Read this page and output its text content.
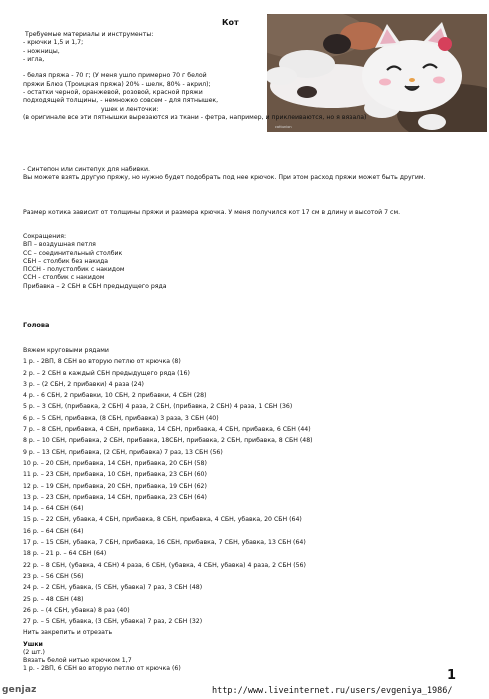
Кот
cattunion
Требуемые материалы и инструменты:
- крючки 1,5 и 1,7;
- ножницы,
- игла,

- белая пряжа - 70 г; (У меня ушло примерно 70 г белой
пряжи Блюз (Троицкая пряжа) 20% - шелк, 80% - акрил);
- остатки черной, оранжевой, розовой, красной пряжи
подходящей толщины, - немножко совсем - для пятнышек,
ушек и ленточки:
(в оригинале все эти пятнышки вырезаются из ткани - фетра, например, и приклеиваются, но я вязала)
- Синтепон или синтепух для набивки.
Вы можете взять другую пряжу, но нужно будет подобрать под нее крючок. При этом расход пряжи может быть другим.
Размер котика зависит от толщины пряжи и размера крючка. У меня получился кот 17 см в длину и высотой 7 см.
Сокращения:
ВП – воздушная петля
СС – соединительный столбик
СБН – столбик без накида
ПССН - полустолбик с накидом
ССН - столбик с накидом
Прибавка – 2 СБН в СБН предыдущего ряда
Голова
Вяжем круговыми рядами
1 р. - 2ВП, 8 СБН во вторую петлю от крючка (8)
2 р. – 2 СБН в каждый СБН предыдущего ряда (16)
3 р. – (2 СБН, 2 прибавки) 4 раза (24)
4 р. - 6 СБН, 2 прибавки, 10 СБН, 2 прибавки, 4 СБН (28)
5 р. – 3 СБН, (прибавка, 2 СБН) 4 раза, 2 СБН, (прибавка, 2 СБН) 4 раза, 1 СБН (36)
6 р. – 5 СБН, прибавка, (8 СБН, прибавка) 3 раза, 3 СБН (40)
7 р. – 8 СБН, прибавка, 4 СБН, прибавка, 14 СБН, прибавка, 4 СБН, прибавка, 6 СБН (44)
8 р. – 10 СБН, прибавка, 2 СБН, прибавка, 18СБН, прибавка, 2 СБН, прибавка, 8 СБН (48)
9 р. – 13 СБН, прибавка, (2 СБН, прибавка) 7 раз, 13 СБН (56)
10 р. – 20 СБН, прибавка, 14 СБН, прибавка, 20 СБН (58)
11 р. – 23 СБН, прибавка, 10 СБН, прибавка, 23 СБН (60)
12 р. – 19 СБН, прибавка, 20 СБН, прибавка, 19 СБН (62)
13 р. – 23 СБН, прибавка, 14 СБН, прибавка, 23 СБН (64)
14 р. – 64 СБН (64)
15 р. – 22 СБН, убавка, 4 СБН, прибавка, 8 СБН, прибавка, 4 СБН, убавка, 20 СБН (64)
16 р. – 64 СБН (64)
17 р. – 15 СБН, убавка, 7 СБН, прибавка, 16 СБН, прибавка, 7 СБН, убавка, 13 СБН (64)
18 р. – 21 р. – 64 СБН (64)
22 р. – 8 СБН, (убавка, 4 СБН) 4 раза, 6 СБН, (убавка, 4 СБН, убавка) 4 раза, 2 СБН (56)
23 р. – 56 СБН (56)
24 р. – 2 СБН, убавка, (5 СБН, убавка) 7 раз, 3 СБН (48)
25 р. – 48 СБН (48)
26 р. – (4 СБН, убавка) 8 раз (40)
27 р. – 5 СБН, убавка, (3 СБН, убавка) 7 раз, 2 СБН (32)
Нить закрепить и отрезать
Ушки
(2 шт.)
Вязать белой нитью крючком 1,7
1 р. - 2ВП, 6 СБН во вторую петлю от крючка (6)	1
genjaz	http://www.liveinternet.ru/users/evgeniya_1986/
